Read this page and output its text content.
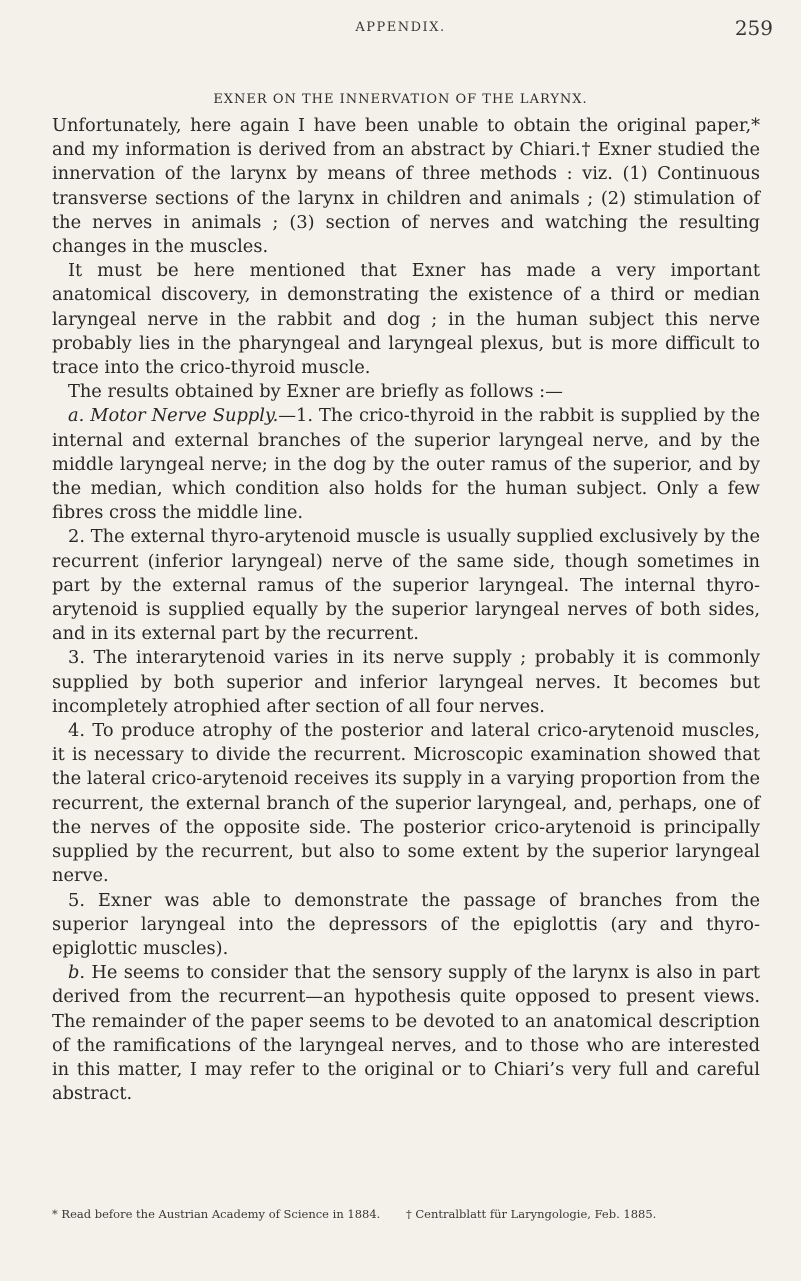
APPENDIX.	259
EXNER ON THE INNERVATION OF THE LARYNX.

Unfortunately, here again I have been unable to obtain the original paper,* and my information is derived from an abstract by Chiari.† Exner studied the innervation of the larynx by means of three methods : viz. (1) Continuous transverse sections of the larynx in children and animals ; (2) stimulation of the nerves in animals ; (3) section of nerves and watching the resulting changes in the muscles.

It must be here mentioned that Exner has made a very important anatomical discovery, in demonstrating the existence of a third or median laryngeal nerve in the rabbit and dog ; in the human subject this nerve probably lies in the pharyngeal and laryngeal plexus, but is more difficult to trace into the crico-thyroid muscle.

The results obtained by Exner are briefly as follows :—

a. Motor Nerve Supply.—1. The crico-thyroid in the rabbit is supplied by the internal and external branches of the superior laryngeal nerve, and by the middle laryngeal nerve; in the dog by the outer ramus of the superior, and by the median, which condition also holds for the human subject. Only a few fibres cross the middle line.

2. The external thyro-arytenoid muscle is usually supplied exclusively by the recurrent (inferior laryngeal) nerve of the same side, though sometimes in part by the external ramus of the superior laryngeal. The internal thyro-arytenoid is supplied equally by the superior laryngeal nerves of both sides, and in its external part by the recurrent.

3. The interarytenoid varies in its nerve supply ; probably it is commonly supplied by both superior and inferior laryngeal nerves. It becomes but incompletely atrophied after section of all four nerves.

4. To produce atrophy of the posterior and lateral crico-arytenoid muscles, it is necessary to divide the recurrent. Microscopic examination showed that the lateral crico-arytenoid receives its supply in a varying proportion from the recurrent, the external branch of the superior laryngeal, and, perhaps, one of the nerves of the opposite side. The posterior crico-arytenoid is principally supplied by the recurrent, but also to some extent by the superior laryngeal nerve.

5. Exner was able to demonstrate the passage of branches from the superior laryngeal into the depressors of the epiglottis (ary and thyro-epiglottic muscles).

b. He seems to consider that the sensory supply of the larynx is also in part derived from the recurrent—an hypothesis quite opposed to present views. The remainder of the paper seems to be devoted to an anatomical description of the ramifications of the laryngeal nerves, and to those who are interested in this matter, I may refer to the original or to Chiari’s very full and careful abstract.

* Read before the Austrian Academy of Science in 1884. † Centralblatt für Laryngologie, Feb. 1885.
